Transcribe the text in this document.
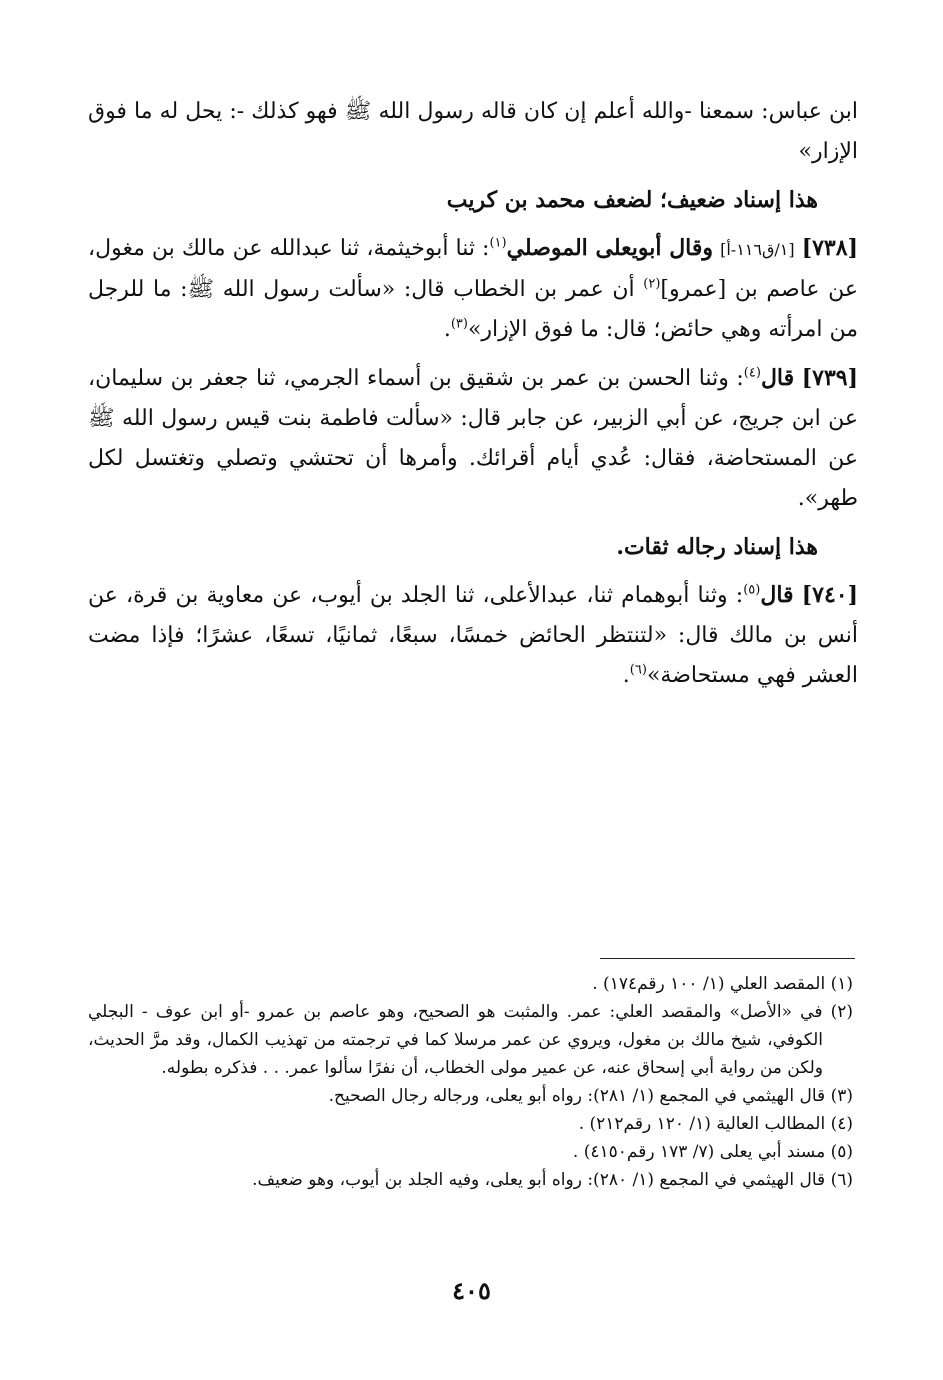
ابن عباس: سمعنا -والله أعلم إن كان قاله رسول الله ﷺ فهو كذلك -: يحل له ما فوق الإزار»

هذا إسناد ضعيف؛ لضعف محمد بن كريب

[٧٣٨] [١/ق١١٦-أ] وقال أبويعلى الموصلي$^{(١)}$: ثنا أبوخيثمة، ثنا عبدالله عن مالك بن مغول، عن عاصم بن [عمرو]$^{(٢)}$ أن عمر بن الخطاب قال: «سألت رسول الله ﷺ: ما للرجل من امرأته وهي حائض؛ قال: ما فوق الإزار»$^{(٣)}$.

[٧٣٩] قال$^{(٤)}$: وثنا الحسن بن عمر بن شقيق بن أسماء الجرمي، ثنا جعفر بن سليمان، عن ابن جريج، عن أبي الزبير، عن جابر قال: «سألت فاطمة بنت قيس رسول الله ﷺ عن المستحاضة، فقال: عُدي أيام أقرائك. وأمرها أن تحتشي وتصلي وتغتسل لكل طهر».

هذا إسناد رجاله ثقات.

[٧٤٠] قال$^{(٥)}$: وثنا أبوهمام ثنا، عبدالأعلى، ثنا الجلد بن أيوب، عن معاوية بن قرة، عن أنس بن مالك قال: «لتنتظر الحائض خمسًا، سبعًا، ثمانيًا، تسعًا، عشرًا؛ فإذا مضت العشر فهي مستحاضة»$^{(٦)}$.

(١) المقصد العلي (١/ ١٠٠ رقم١٧٤) .

(٢) في «الأصل» والمقصد العلي: عمر. والمثبت هو الصحيح، وهو عاصم بن عمرو -أو ابن عوف - البجلي الكوفي، شيخ مالك بن مغول، ويروي عن عمر مرسلا كما في ترجمته من تهذيب الكمال، وقد مرَّ الحديث، ولكن من رواية أبي إسحاق عنه، عن عمير مولى الخطاب، أن نفرًا سألوا عمر. . . فذكره بطوله.

(٣) قال الهيثمي في المجمع (١/ ٢٨١): رواه أبو يعلى، ورجاله رجال الصحيح.

(٤) المطالب العالية (١/ ١٢٠ رقم٢١٢) .

(٥) مسند أبي يعلى (٧/ ١٧٣ رقم٤١٥٠) .

(٦) قال الهيثمي في المجمع (١/ ٢٨٠): رواه أبو يعلى، وفيه الجلد بن أيوب، وهو ضعيف.

٤٠٥
